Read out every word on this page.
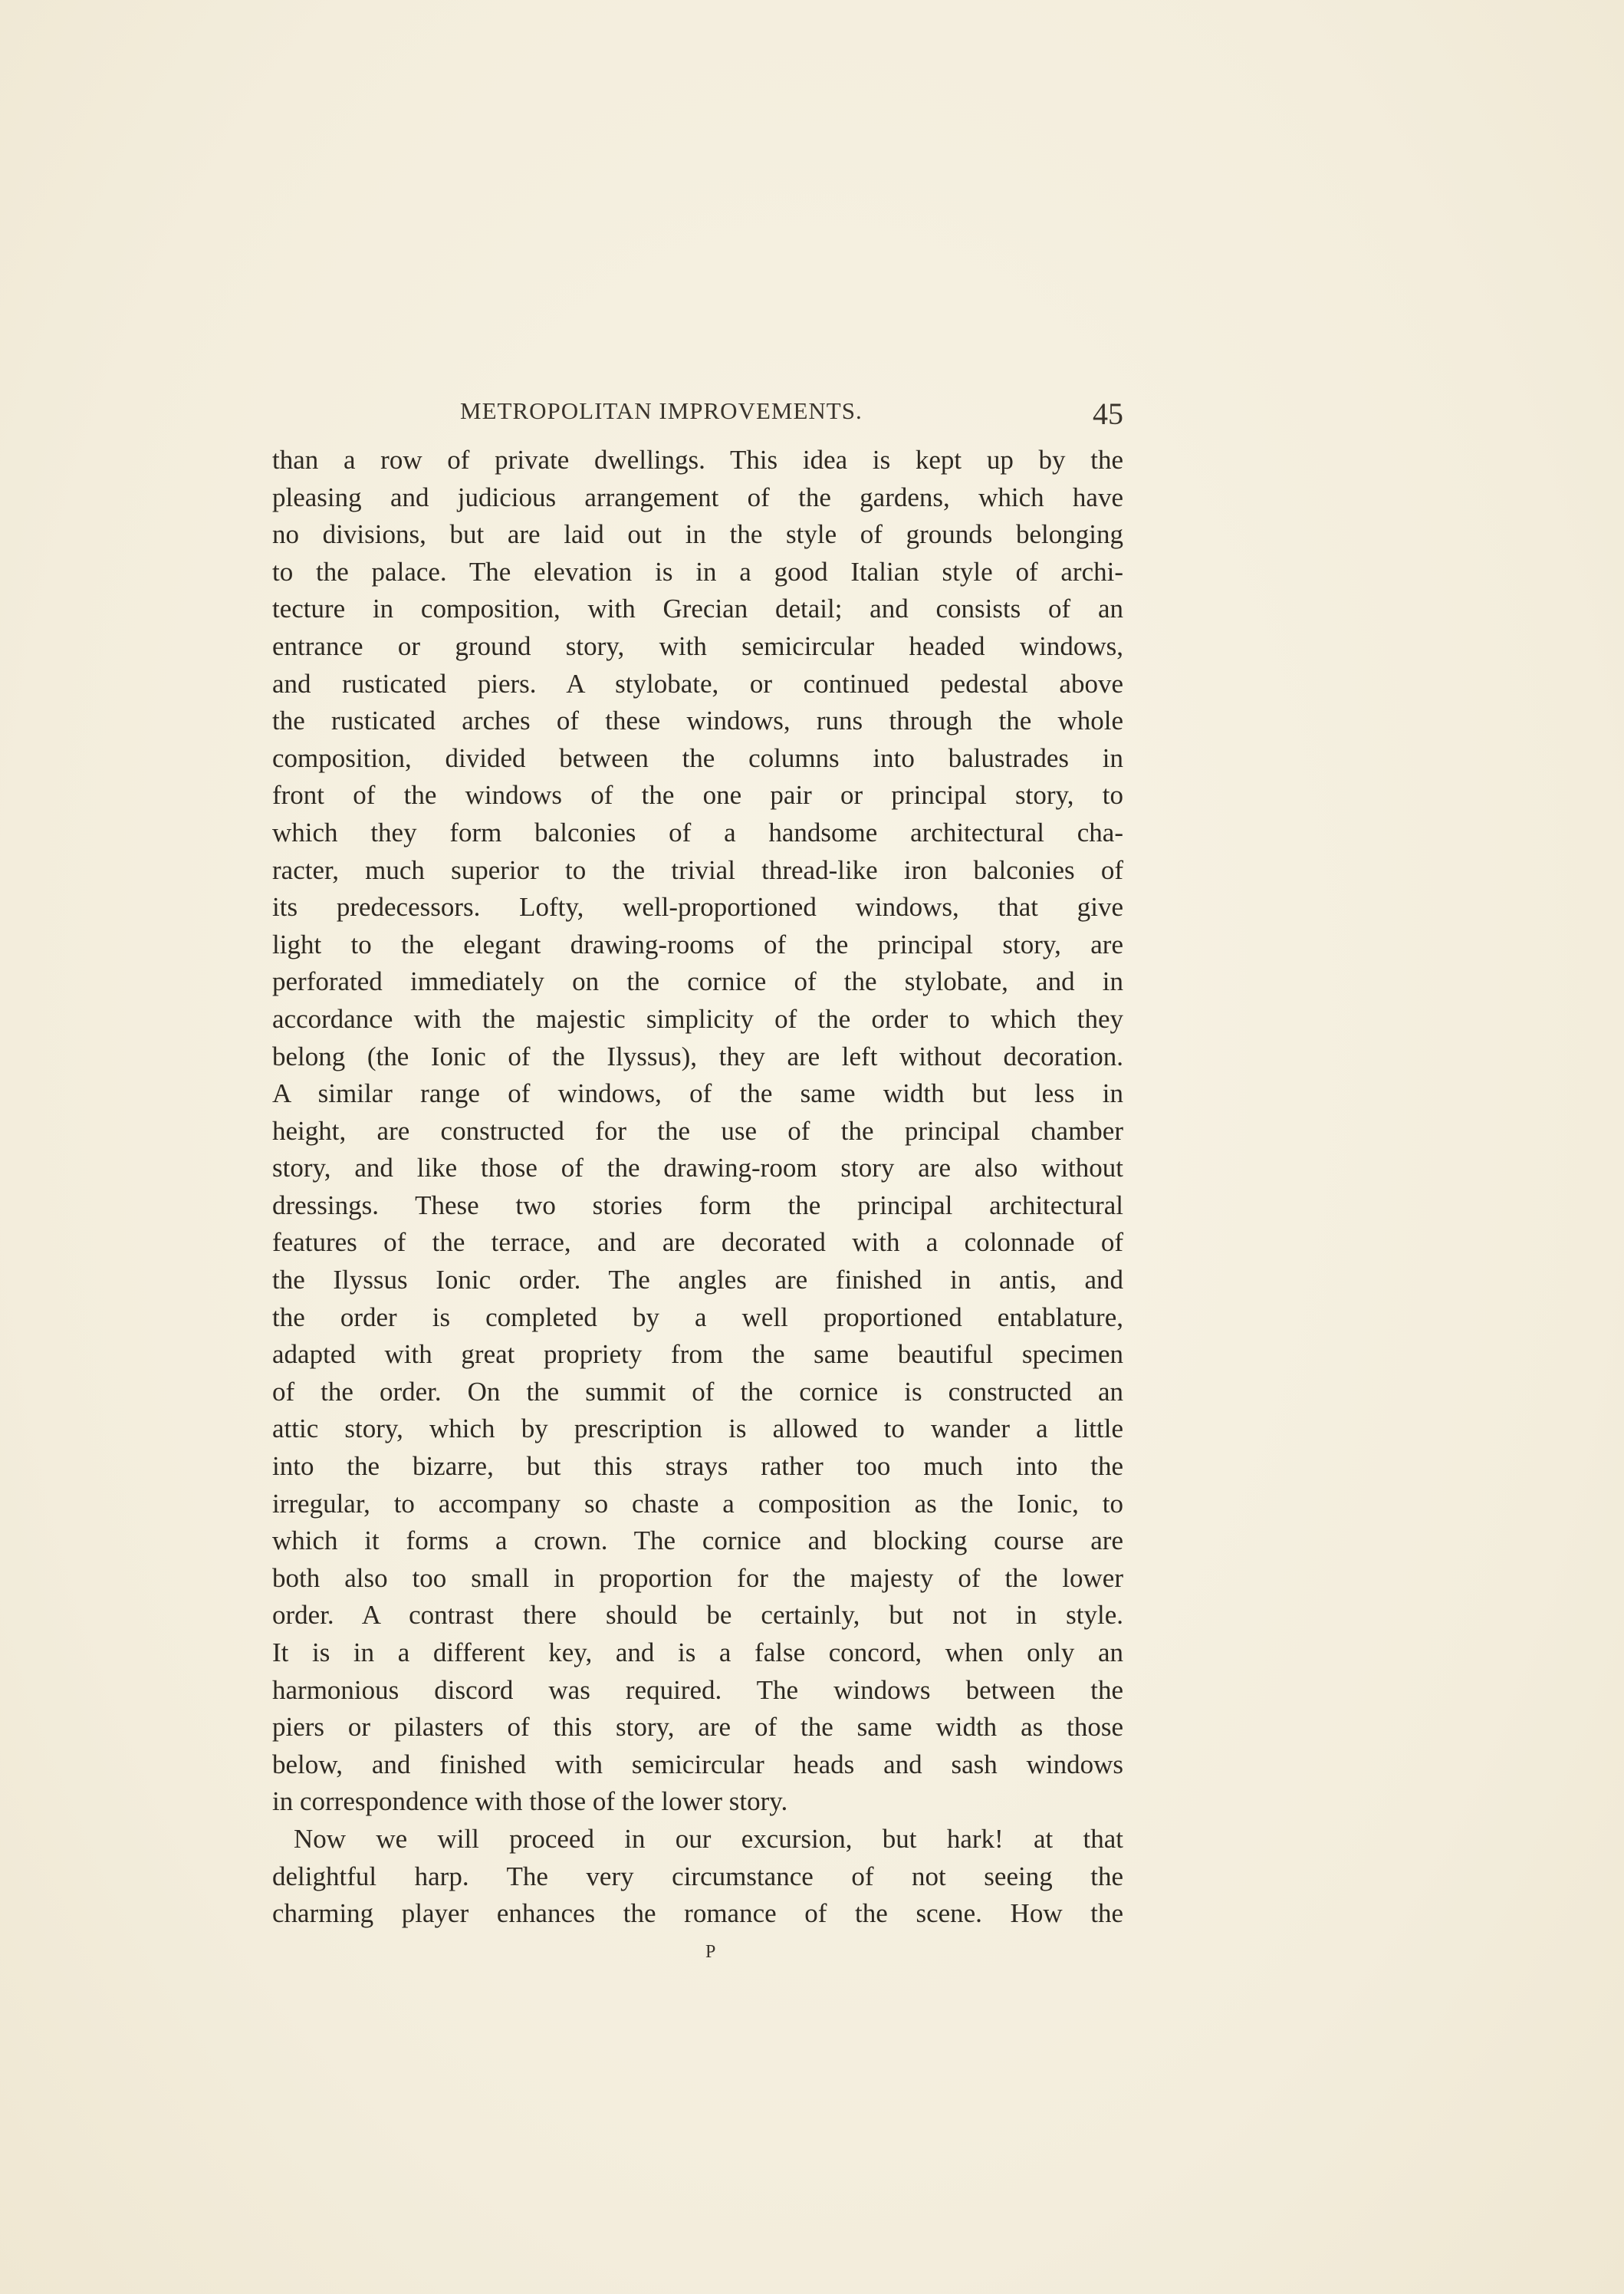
METROPOLITAN IMPROVEMENTS.	45
than a row of private dwellings. This idea is kept up by the
pleasing and judicious arrangement of the gardens, which have
no divisions, but are laid out in the style of grounds belonging
to the palace. The elevation is in a good Italian style of archi-
tecture in composition, with Grecian detail; and consists of an
entrance or ground story, with semicircular headed windows,
and rusticated piers. A stylobate, or continued pedestal above
the rusticated arches of these windows, runs through the whole
composition, divided between the columns into balustrades in
front of the windows of the one pair or principal story, to
which they form balconies of a handsome architectural cha-
racter, much superior to the trivial thread-like iron balconies of
its predecessors. Lofty, well-proportioned windows, that give
light to the elegant drawing-rooms of the principal story, are
perforated immediately on the cornice of the stylobate, and in
accordance with the majestic simplicity of the order to which they
belong (the Ionic of the Ilyssus), they are left without decoration.
A similar range of windows, of the same width but less in
height, are constructed for the use of the principal chamber
story, and like those of the drawing-room story are also without
dressings. These two stories form the principal architectural
features of the terrace, and are decorated with a colonnade of
the Ilyssus Ionic order. The angles are finished in antis, and
the order is completed by a well proportioned entablature,
adapted with great propriety from the same beautiful specimen
of the order. On the summit of the cornice is constructed an
attic story, which by prescription is allowed to wander a little
into the bizarre, but this strays rather too much into the
irregular, to accompany so chaste a composition as the Ionic, to
which it forms a crown. The cornice and blocking course are
both also too small in proportion for the majesty of the lower
order. A contrast there should be certainly, but not in style.
It is in a different key, and is a false concord, when only an
harmonious discord was required. The windows between the
piers or pilasters of this story, are of the same width as those
below, and finished with semicircular heads and sash windows
in correspondence with those of the lower story.
Now we will proceed in our excursion, but hark! at that
delightful harp. The very circumstance of not seeing the
charming player enhances the romance of the scene. How the
P
